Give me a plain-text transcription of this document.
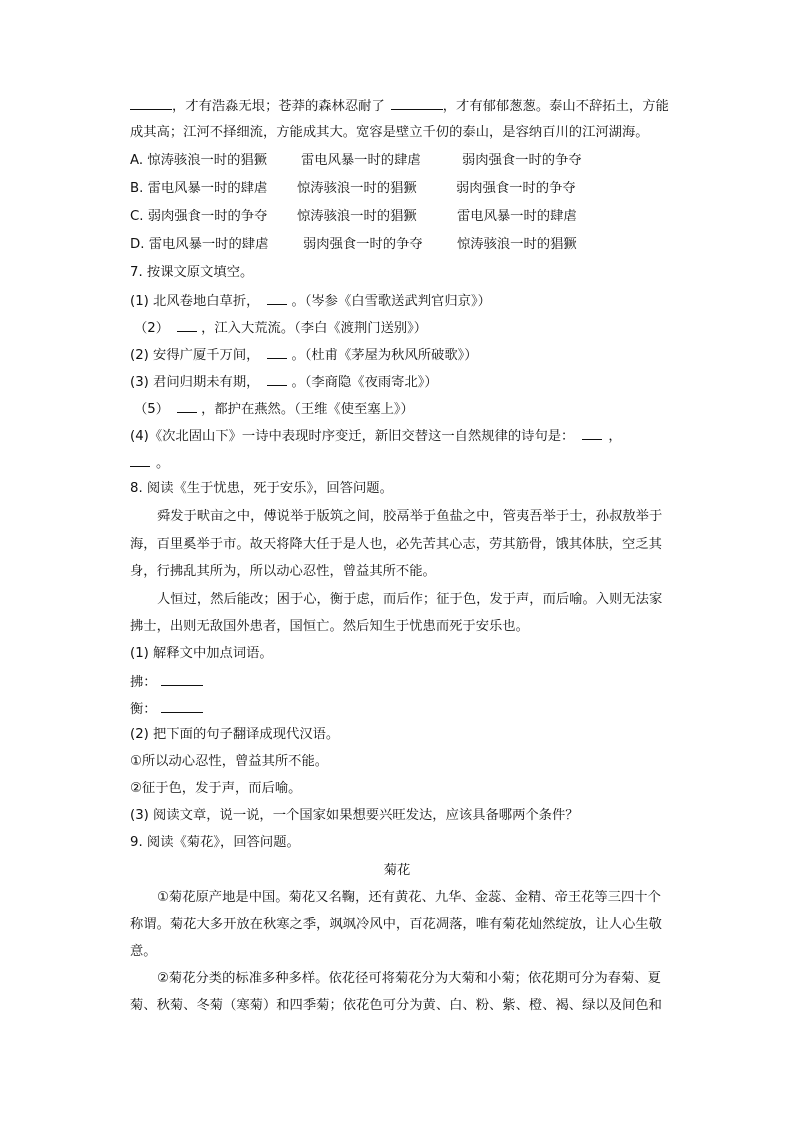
，才有浩淼无垠；苍莽的森林忍耐了	，才有郁郁葱葱。泰山不辞拓土，方能
成其高；江河不择细流，方能成其大。宽容是壁立千仞的泰山，是容纳百川的江河湖海。
A. 惊涛骇浪一时的猖獗	雷电风暴一时的肆虐	弱肉强食一时的争夺
B. 雷电风暴一时的肆虐 惊涛骇浪一时的猖獗	弱肉强食一时的争夺
C. 弱肉强食一时的争夺 惊涛骇浪一时的猖獗	雷电风暴一时的肆虐
D. 雷电风暴一时的肆虐	弱肉强食一时的争夺	惊涛骇浪一时的猖獗
7. 按课文原文填空。
(1) 北风卷地白草折， 。（岑参《白雪歌送武判官归京》）
（2） ，江入大荒流。（李白《渡荆门送别》）
(2) 安得广厦千万间， 。（杜甫《茅屋为秋风所破歌》）
(3) 君问归期未有期， 。（李商隐《夜雨寄北》）
（5） ，都护在燕然。（王维《使至塞上》）
(4)《次北固山下》一诗中表现时序变迁，新旧交替这一自然规律的诗句是：	，
。
8. 阅读《生于忧患，死于安乐》，回答问题。
舜发于畎亩之中，傅说举于版筑之间，胶鬲举于鱼盐之中，管夷吾举于士，孙叔敖举于
海，百里奚举于市。故天将降大任于是人也，必先苦其心志，劳其筋骨，饿其体肤，空乏其
身，行拂乱其所为，所以动心忍性，曾益其所不能。
人恒过，然后能改；困于心，衡于虑，而后作；征于色，发于声，而后喻。入则无法家
拂士，出则无敌国外患者，国恒亡。然后知生于忧患而死于安乐也。
(1) 解释文中加点词语。
拂：
衡：
(2) 把下面的句子翻译成现代汉语。
①所以动心忍性，曾益其所不能。
②征于色，发于声，而后喻。
(3) 阅读文章，说一说，一个国家如果想要兴旺发达，应该具备哪两个条件？
9. 阅读《菊花》，回答问题。
菊花
①菊花原产地是中国。菊花又名鞠，还有黄花、九华、金蕊、金精、帝王花等三四十个
称谓。菊花大多开放在秋寒之季，飒飒冷风中，百花凋落，唯有菊花灿然绽放，让人心生敬
意。
②菊花分类的标准多种多样。依花径可将菊花分为大菊和小菊；依花期可分为春菊、夏
菊、秋菊、冬菊（寒菊）和四季菊；依花色可分为黄、白、粉、紫、橙、褐、绿以及间色和
